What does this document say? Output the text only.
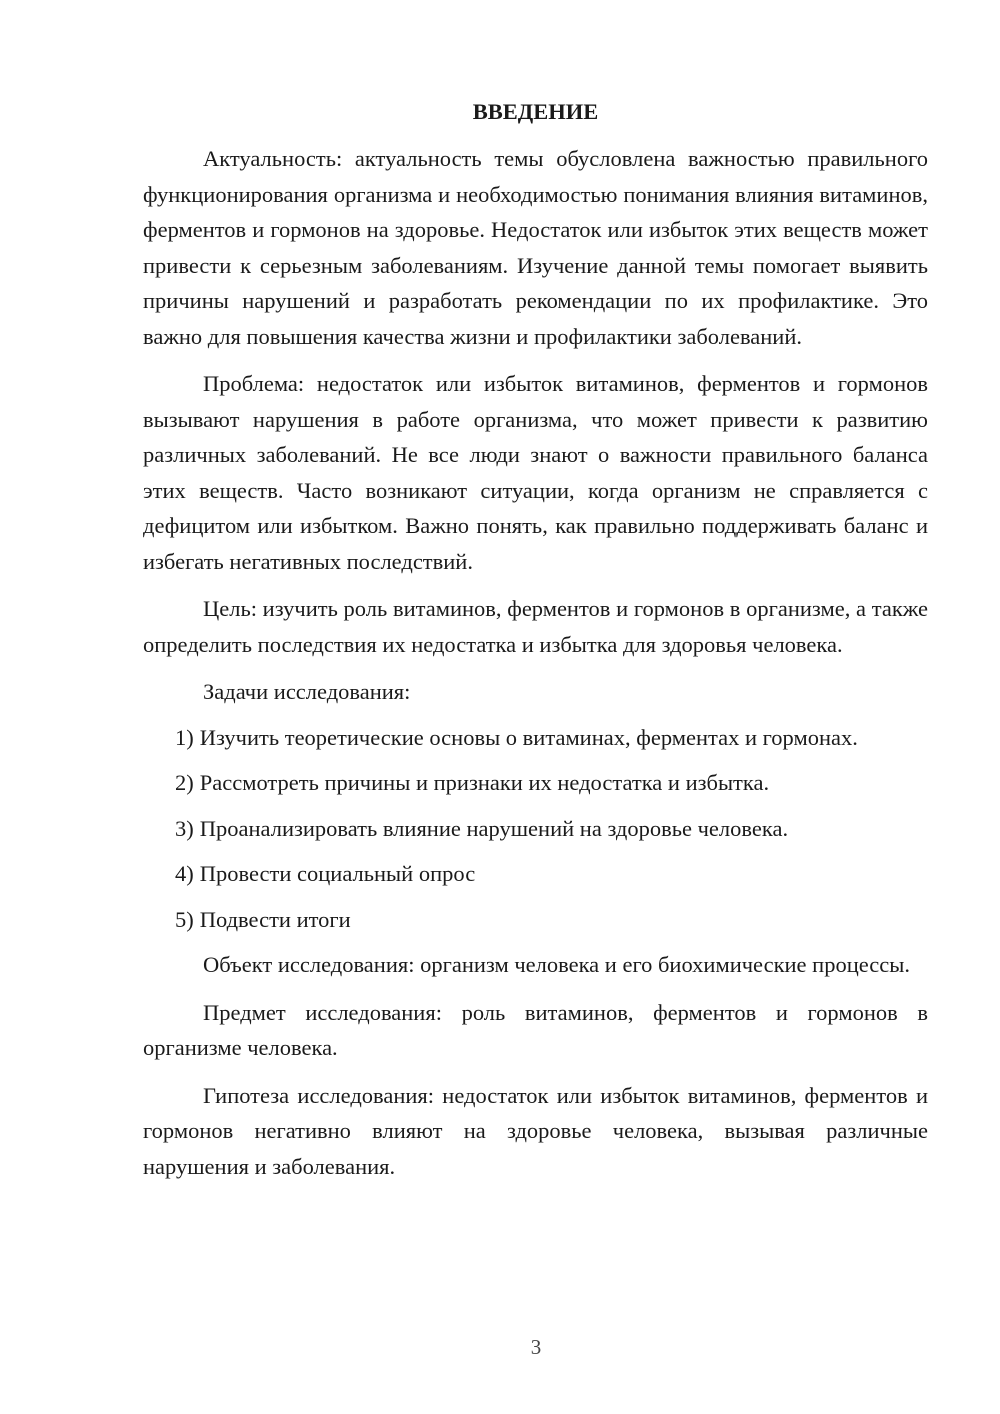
ВВЕДЕНИЕ

Актуальность: актуальность темы обусловлена важностью правильного функционирования организма и необходимостью понимания влияния витаминов, ферментов и гормонов на здоровье. Недостаток или избыток этих веществ может привести к серьезным заболеваниям. Изучение данной темы помогает выявить причины нарушений и разработать рекомендации по их профилактике. Это важно для повышения качества жизни и профилактики заболеваний.

Проблема: недостаток или избыток витаминов, ферментов и гормонов вызывают нарушения в работе организма, что может привести к развитию различных заболеваний. Не все люди знают о важности правильного баланса этих веществ. Часто возникают ситуации, когда организм не справляется с дефицитом или избытком. Важно понять, как правильно поддерживать баланс и избегать негативных последствий.

Цель: изучить роль витаминов, ферментов и гормонов в организме, а также определить последствия их недостатка и избытка для здоровья человека.

Задачи исследования:

1) Изучить теоретические основы о витаминах, ферментах и гормонах.
2) Рассмотреть причины и признаки их недостатка и избытка.
3) Проанализировать влияние нарушений на здоровье человека.
4) Провести социальный опрос
5) Подвести итоги

Объект исследования: организм человека и его биохимические процессы.

Предмет исследования: роль витаминов, ферментов и гормонов в организме человека.

Гипотеза исследования: недостаток или избыток витаминов, ферментов и гормонов негативно влияют на здоровье человека, вызывая различные нарушения и заболевания.

3
